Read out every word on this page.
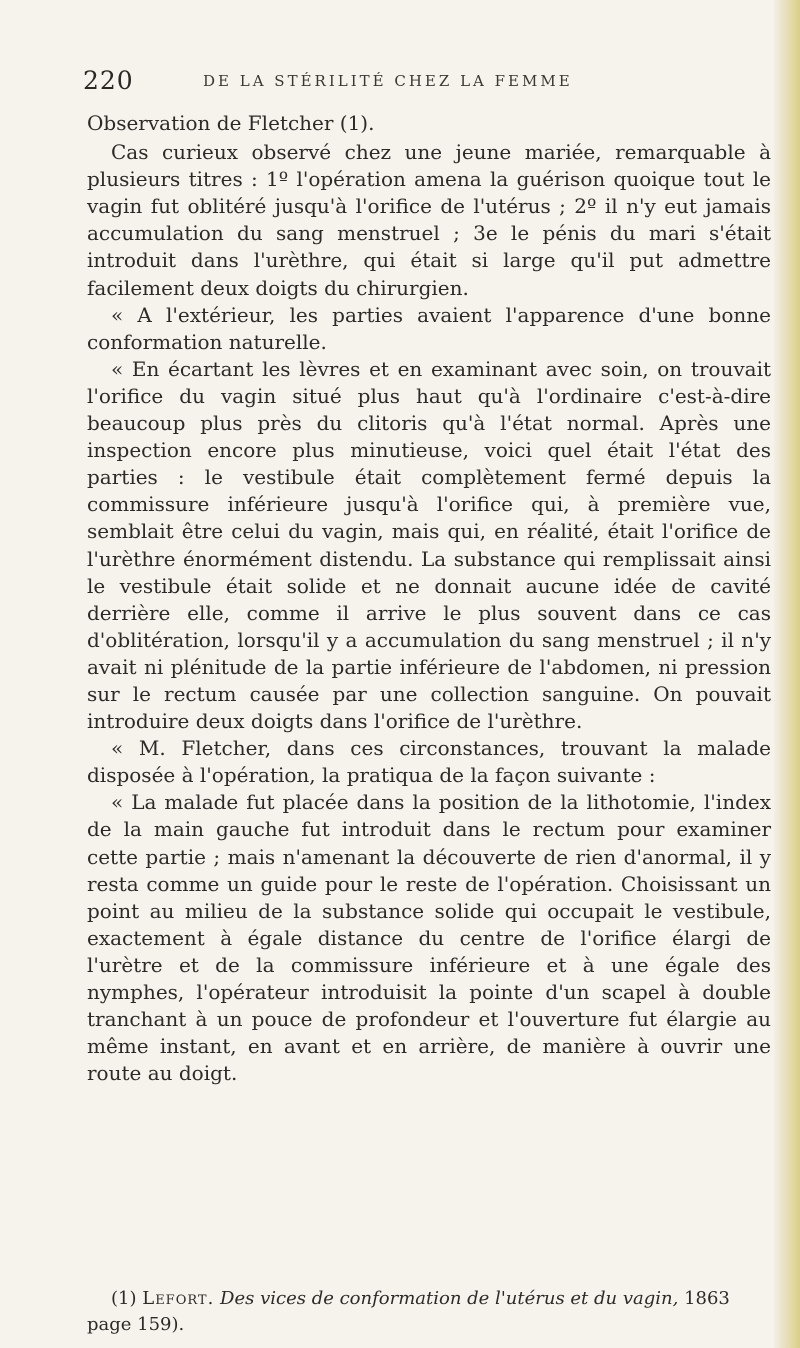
220	DE LA STÉRILITÉ CHEZ LA FEMME

Observation de Fletcher (1).

Cas curieux observé chez une jeune mariée, remarquable à plusieurs titres : 1º l'opération amena la guérison quoique tout le vagin fut oblitéré jusqu'à l'orifice de l'utérus ; 2º il n'y eut jamais accumulation du sang menstruel ; 3e le pénis du mari s'était introduit dans l'urèthre, qui était si large qu'il put admettre facilement deux doigts du chirurgien.

« A l'extérieur, les parties avaient l'apparence d'une bonne conformation naturelle.

« En écartant les lèvres et en examinant avec soin, on trouvait l'orifice du vagin situé plus haut qu'à l'ordinaire c'est-à-dire beaucoup plus près du clitoris qu'à l'état normal. Après une inspection encore plus minutieuse, voici quel était l'état des parties : le vestibule était complètement fermé depuis la commissure inférieure jusqu'à l'orifice qui, à première vue, semblait être celui du vagin, mais qui, en réalité, était l'orifice de l'urèthre énormément distendu. La substance qui remplissait ainsi le vestibule était solide et ne donnait aucune idée de cavité derrière elle, comme il arrive le plus souvent dans ce cas d'oblitération, lorsqu'il y a accumulation du sang menstruel ; il n'y avait ni plénitude de la partie inférieure de l'abdomen, ni pression sur le rectum causée par une collection sanguine. On pouvait introduire deux doigts dans l'orifice de l'urèthre.

« M. Fletcher, dans ces circonstances, trouvant la malade disposée à l'opération, la pratiqua de la façon suivante :

« La malade fut placée dans la position de la lithotomie, l'index de la main gauche fut introduit dans le rectum pour examiner cette partie ; mais n'amenant la découverte de rien d'anormal, il y resta comme un guide pour le reste de l'opération. Choisissant un point au milieu de la substance solide qui occupait le vestibule, exactement à égale distance du centre de l'orifice élargi de l'urètre et de la commissure inférieure et à une égale des nymphes, l'opérateur introduisit la pointe d'un scapel à double tranchant à un pouce de profondeur et l'ouverture fut élargie au même instant, en avant et en arrière, de manière à ouvrir une route au doigt.

(1) Lefort. Des vices de conformation de l'utérus et du vagin, 1863 page 159).
